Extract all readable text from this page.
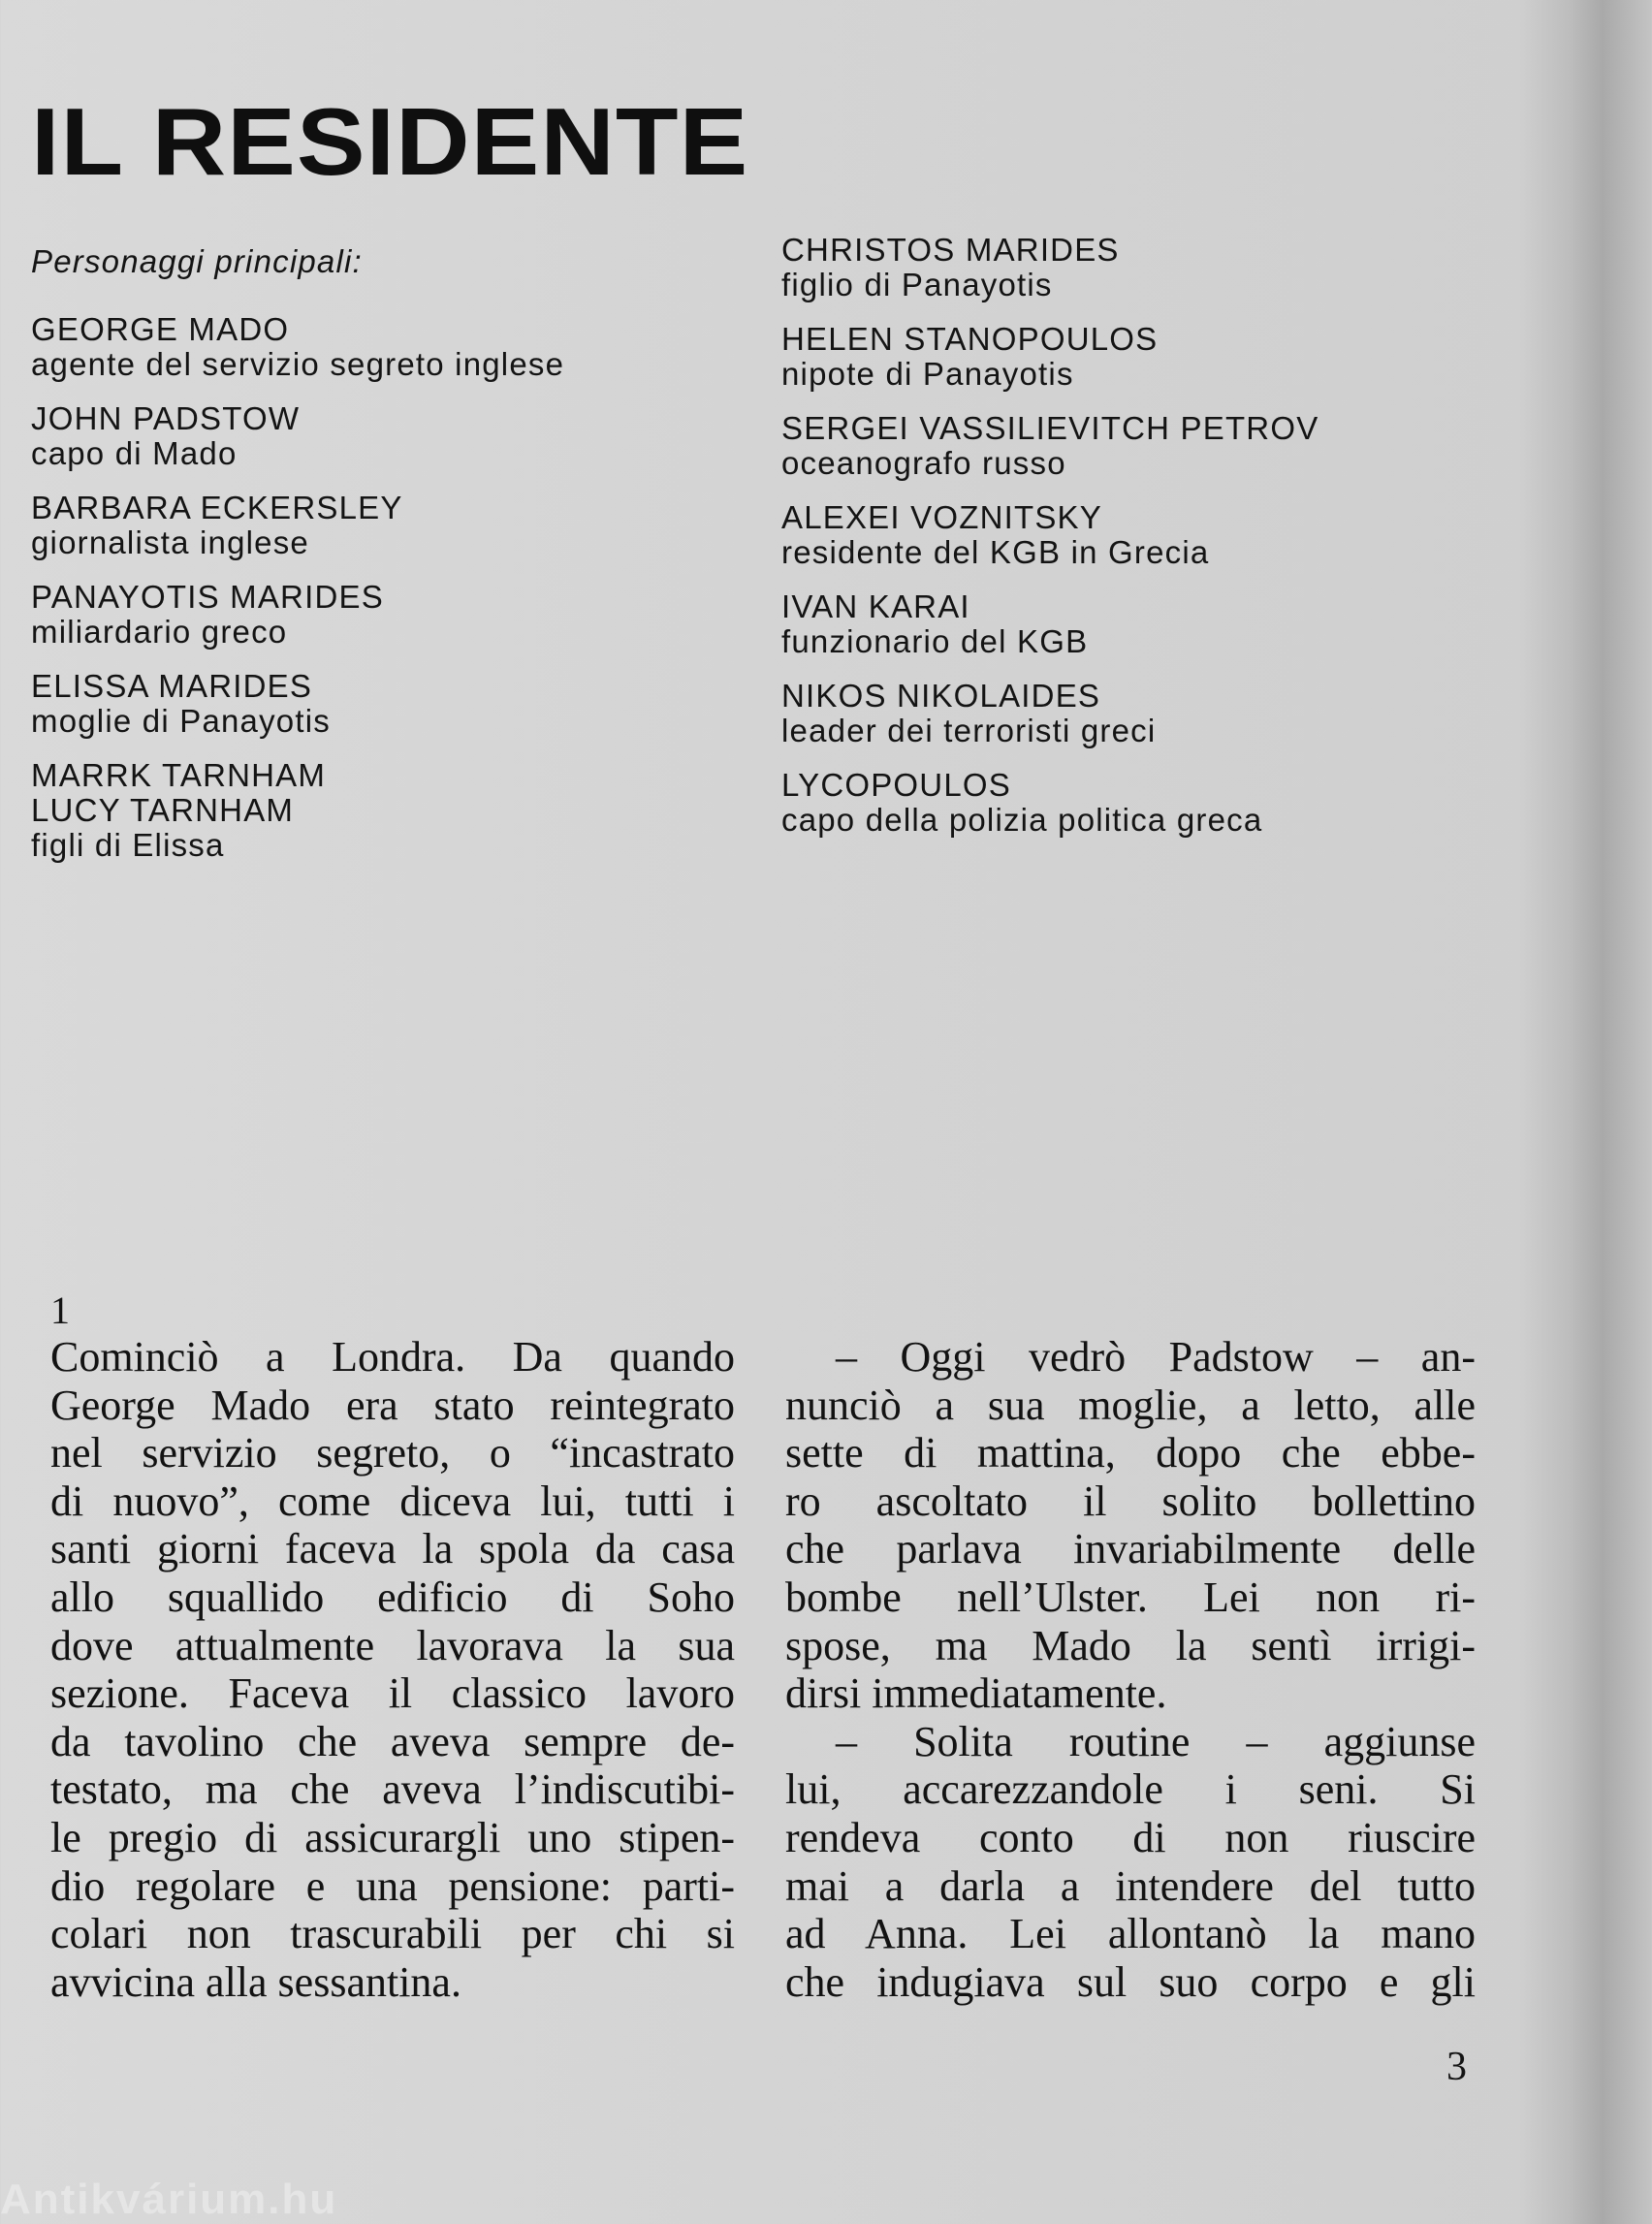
IL RESIDENTE
Personaggi principali:
GEORGE MADO
agente del servizio segreto inglese
JOHN PADSTOW
capo di Mado
BARBARA ECKERSLEY
giornalista inglese
PANAYOTIS MARIDES
miliardario greco
ELISSA MARIDES
moglie di Panayotis
MARRK TARNHAM
LUCY TARNHAM
figli di Elissa
CHRISTOS MARIDES
figlio di Panayotis
HELEN STANOPOULOS
nipote di Panayotis
SERGEI VASSILIEVITCH PETROV
oceanografo russo
ALEXEI VOZNITSKY
residente del KGB in Grecia
IVAN KARAI
funzionario del KGB
NIKOS NIKOLAIDES
leader dei terroristi greci
LYCOPOULOS
capo della polizia politica greca
1
Cominciò a Londra. Da quando
George Mado era stato reintegrato
nel servizio segreto, o “incastrato
di nuovo”, come diceva lui, tutti i
santi giorni faceva la spola da casa
allo squallido edificio di Soho
dove attualmente lavorava la sua
sezione. Faceva il classico lavoro
da tavolino che aveva sempre de-
testato, ma che aveva l’indiscutibi-
le pregio di assicurargli uno stipen-
dio regolare e una pensione: parti-
colari non trascurabili per chi si
avvicina alla sessantina.
– Oggi vedrò Padstow – an-
nunciò a sua moglie, a letto, alle
sette di mattina, dopo che ebbe-
ro ascoltato il solito bollettino
che parlava invariabilmente delle
bombe nell’Ulster. Lei non ri-
spose, ma Mado la sentì irrigi-
dirsi immediatamente.
– Solita routine – aggiunse
lui, accarezzandole i seni. Si
rendeva conto di non riuscire
mai a darla a intendere del tutto
ad Anna. Lei allontanò la mano
che indugiava sul suo corpo e gli
3
Antikvárium.hu
